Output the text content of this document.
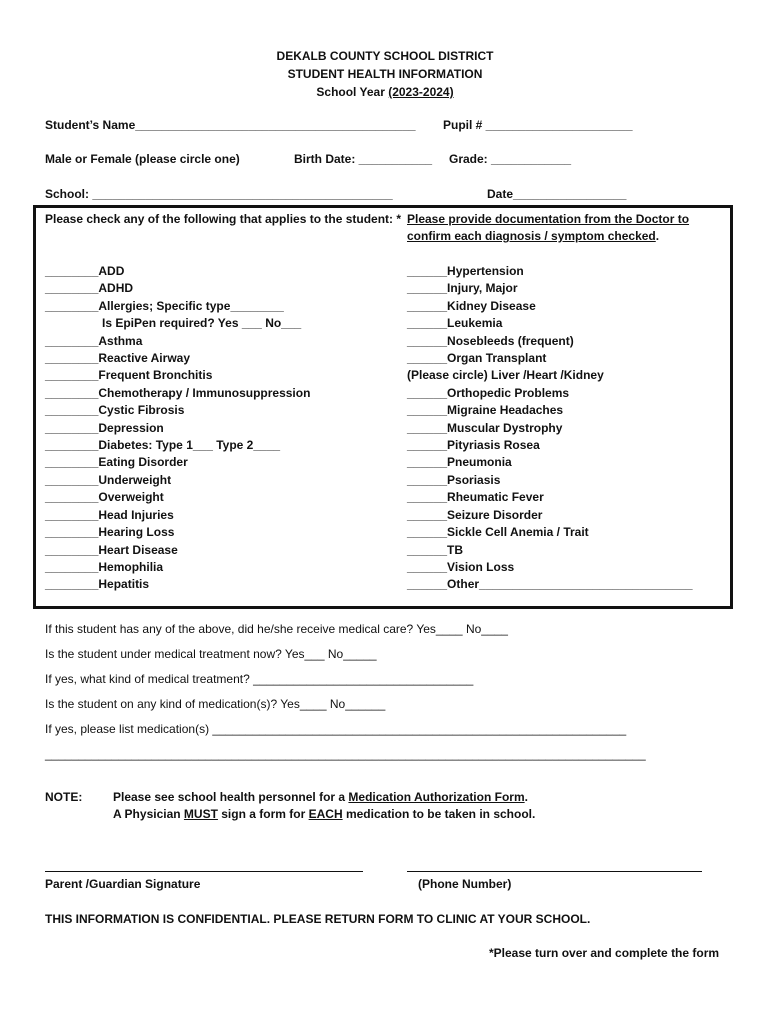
DEKALB COUNTY SCHOOL DISTRICT
STUDENT HEALTH INFORMATION
School Year (2023-2024)
Student’s Name__________________________________________ Pupil # ______________________
Male or Female (please circle one)	Birth Date: ___________ Grade: ____________
School: _____________________________________________	Date_________________
Please check any of the following that applies to the student: * Please provide documentation from the Doctor to
confirm each diagnosis / symptom checked.
________ADD
________ADHD
________Allergies; Specific type________
Is EpiPen required? Yes ___ No___
________Asthma
________Reactive Airway
________Frequent Bronchitis
________Chemotherapy / Immunosuppression
________Cystic Fibrosis
________Depression
________Diabetes: Type 1___ Type 2____
________Eating Disorder
________Underweight
________Overweight
________Head Injuries
________Hearing Loss
________Heart Disease
________Hemophilia
________Hepatitis
______Hypertension
______Injury, Major
______Kidney Disease
______Leukemia
______Nosebleeds (frequent)
______Organ Transplant
(Please circle) Liver /Heart /Kidney
______Orthopedic Problems
______Migraine Headaches
______Muscular Dystrophy
______Pityriasis Rosea
______Pneumonia
______Psoriasis
______Rheumatic Fever
______Seizure Disorder
______Sickle Cell Anemia / Trait
______TB
______Vision Loss
______Other________________________________
If this student has any of the above, did he/she receive medical care? Yes____ No____
Is the student under medical treatment now? Yes___ No_____
If yes, what kind of medical treatment? _________________________________
Is the student on any kind of medication(s)? Yes____ No______
If yes, please list medication(s) ______________________________________________________________
__________________________________________________________________________________________
NOTE:	Please see school health personnel for a Medication Authorization Form.
A Physician MUST sign a form for EACH medication to be taken in school.
Parent /Guardian Signature	(Phone Number)
THIS INFORMATION IS CONFIDENTIAL. PLEASE RETURN FORM TO CLINIC AT YOUR SCHOOL.
*Please turn over and complete the form
